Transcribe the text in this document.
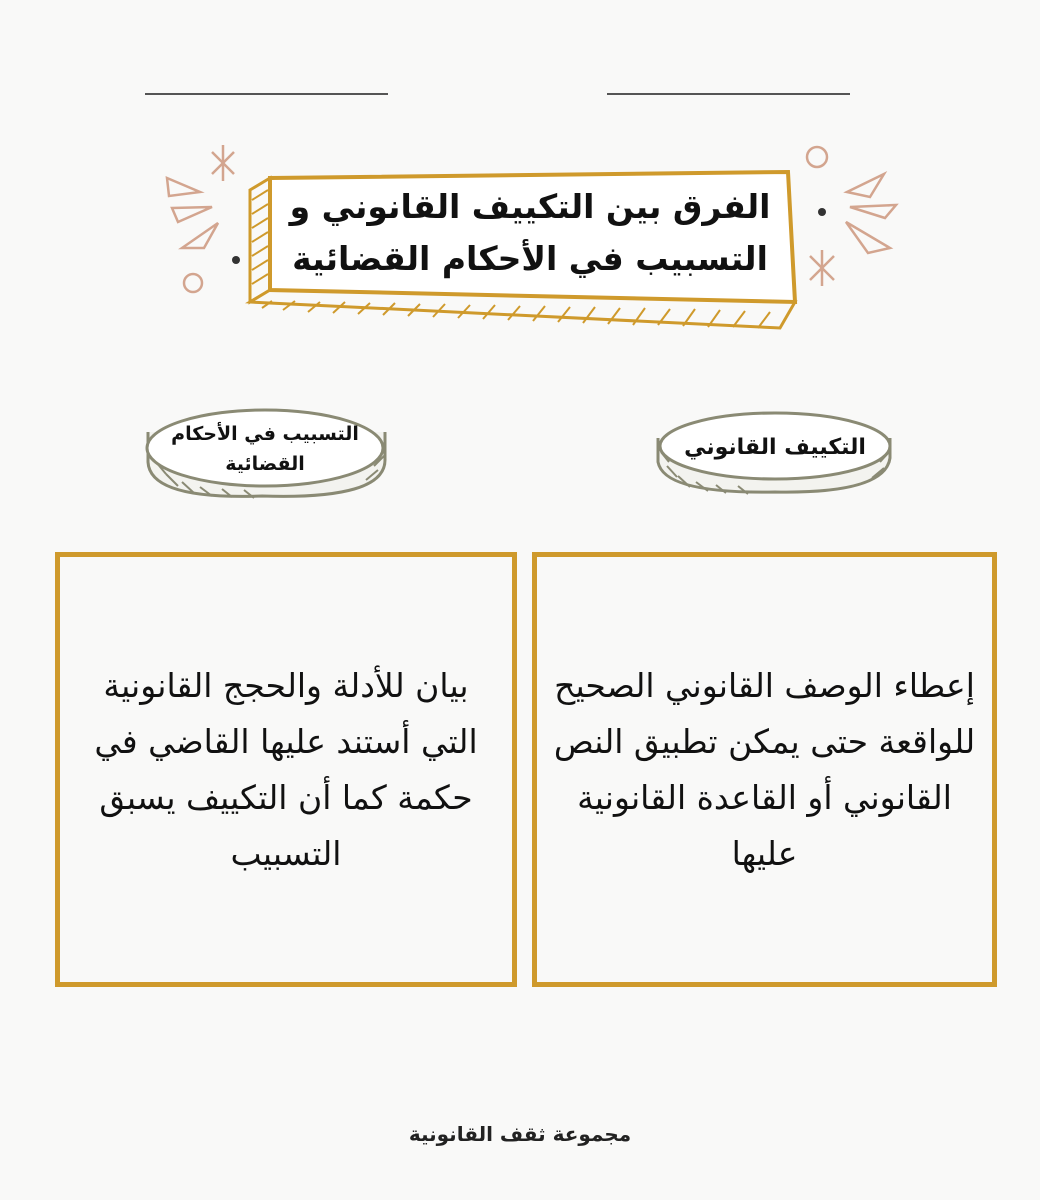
الفرق بين التكييف القانوني و
التسبيب في الأحكام القضائية
التكييف القانوني
التسبيب في الأحكام
القضائية
إعطاء الوصف القانوني الصحيح للواقعة حتى يمكن تطبيق النص القانوني أو القاعدة القانونية عليها
بيان للأدلة والحجج القانونية التي أستند عليها القاضي في حكمة كما أن التكييف يسبق التسبيب
مجموعة ثقف القانونية
